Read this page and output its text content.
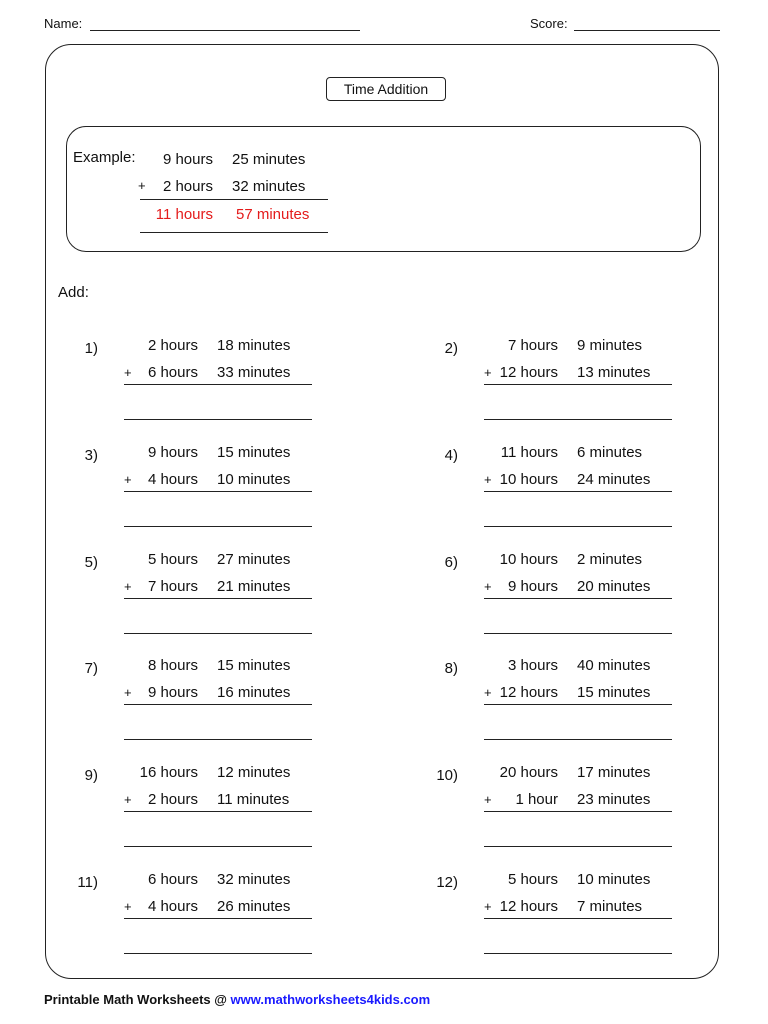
Name:	Score:
Time Addition
Example:	9 hours 25 minutes
+	2 hours 32 minutes
11 hours 57 minutes
Add:
1)	2 hours 18 minutes
+	6 hours 33 minutes
2)	7 hours 9 minutes
+ 12 hours 13 minutes
3)	9 hours 15 minutes
+	4 hours 10 minutes
4)	11 hours 6 minutes
+ 10 hours 24 minutes
5)	5 hours 27 minutes
+	7 hours 21 minutes
6)	10 hours 2 minutes
+	9 hours 20 minutes
7)	8 hours 15 minutes
+	9 hours 16 minutes
8)	3 hours 40 minutes
+ 12 hours 15 minutes
9)	16 hours 12 minutes
+	2 hours 11 minutes
10)	20 hours 17 minutes
+	1 hour 23 minutes
11)	6 hours 32 minutes
+	4 hours 26 minutes
12)	5 hours 10 minutes
+ 12 hours 7 minutes
Printable Math Worksheets @ www.mathworksheets4kids.com
